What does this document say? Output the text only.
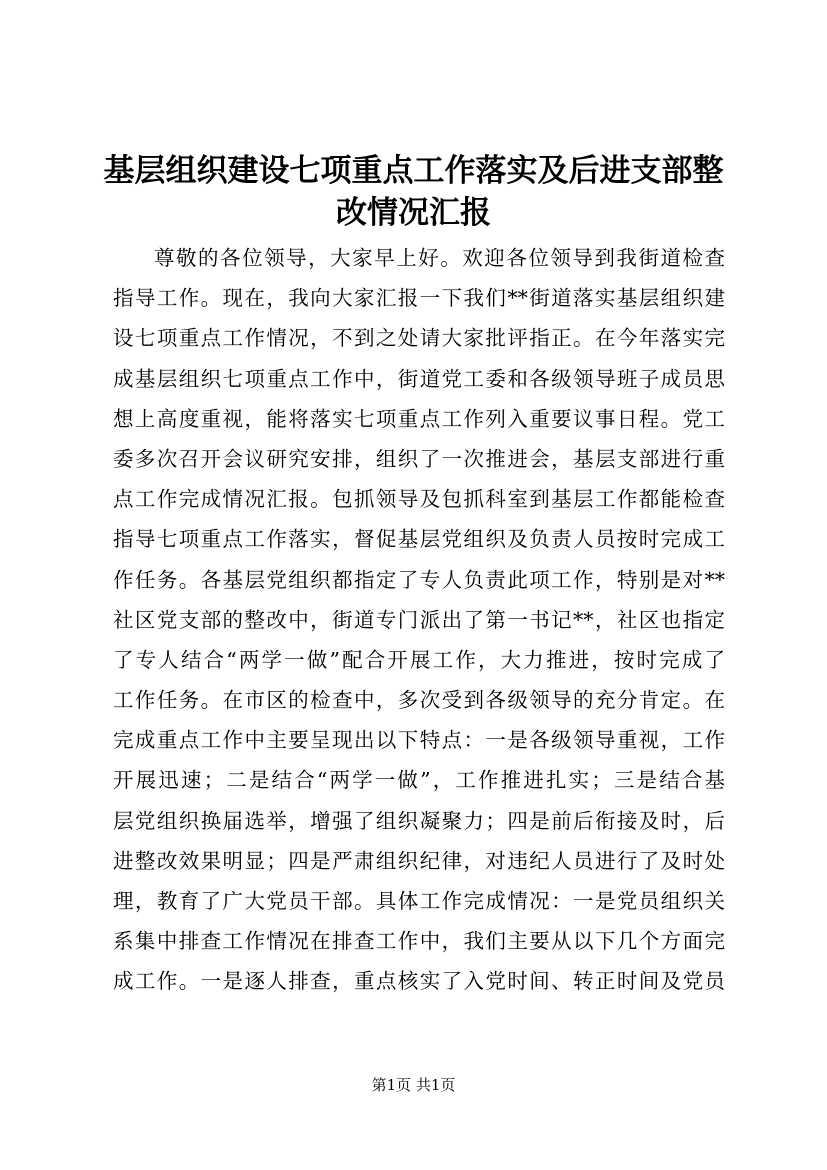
基层组织建设七项重点工作落实及后进支部整
改情况汇报
尊敬的各位领导，大家早上好。欢迎各位领导到我街道检查
指导工作。现在，我向大家汇报一下我们**街道落实基层组织建
设七项重点工作情况，不到之处请大家批评指正。在今年落实完
成基层组织七项重点工作中，街道党工委和各级领导班子成员思
想上高度重视，能将落实七项重点工作列入重要议事日程。党工
委多次召开会议研究安排，组织了一次推进会，基层支部进行重
点工作完成情况汇报。包抓领导及包抓科室到基层工作都能检查
指导七项重点工作落实，督促基层党组织及负责人员按时完成工
作任务。各基层党组织都指定了专人负责此项工作，特别是对**
社区党支部的整改中，街道专门派出了第一书记**，社区也指定
了专人结合“两学一做”配合开展工作，大力推进，按时完成了
工作任务。在市区的检查中，多次受到各级领导的充分肯定。在
完成重点工作中主要呈现出以下特点：一是各级领导重视，工作
开展迅速；二是结合“两学一做”，工作推进扎实；三是结合基
层党组织换届选举，增强了组织凝聚力；四是前后衔接及时，后
进整改效果明显；四是严肃组织纪律，对违纪人员进行了及时处
理，教育了广大党员干部。具体工作完成情况：一是党员组织关
系集中排查工作情况在排查工作中，我们主要从以下几个方面完
成工作。一是逐人排查，重点核实了入党时间、转正时间及党员
第1页 共1页
